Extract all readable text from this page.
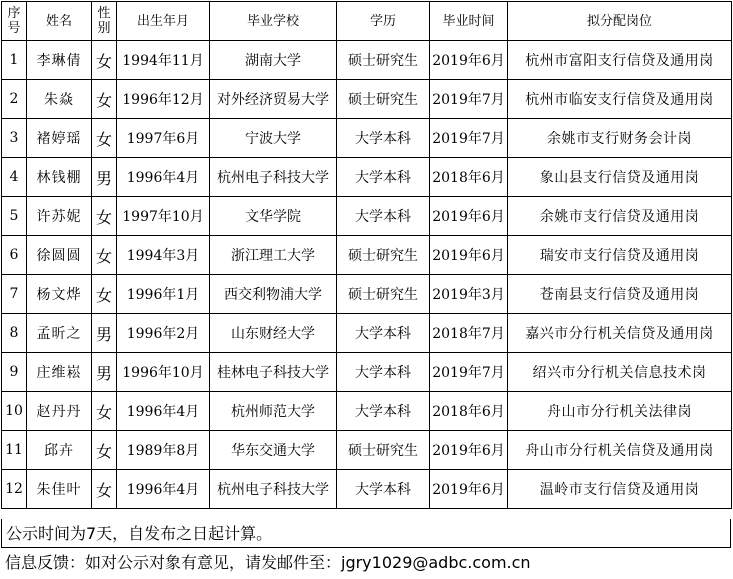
序号	姓名	性别	出生年月	毕业学校	学历	毕业时间	拟分配岗位
1	李琳倩	女	1994年11月	湖南大学	硕士研究生	2019年6月	杭州市富阳支行信贷及通用岗
2	朱焱	女	1996年12月	对外经济贸易大学	硕士研究生	2019年7月	杭州市临安支行信贷及通用岗
3	褚婷瑶	女	1997年6月	宁波大学	大学本科	2019年7月	余姚市支行财务会计岗
4	林钱棚	男	1996年4月	杭州电子科技大学	大学本科	2018年6月	象山县支行信贷及通用岗
5	许苏妮	女	1997年10月	文华学院	大学本科	2019年6月	余姚市支行信贷及通用岗
6	徐圆圆	女	1994年3月	浙江理工大学	硕士研究生	2019年6月	瑞安市支行信贷及通用岗
7	杨文烨	女	1996年1月	西交利物浦大学	硕士研究生	2019年3月	苍南县支行信贷及通用岗
8	孟昕之	男	1996年2月	山东财经大学	大学本科	2018年7月	嘉兴市分行机关信贷及通用岗
9	庄维崧	男	1996年10月	桂林电子科技大学	大学本科	2019年7月	绍兴市分行机关信息技术岗
10	赵丹丹	女	1996年4月	杭州师范大学	大学本科	2018年6月	舟山市分行机关法律岗
11	邱卉	女	1989年8月	华东交通大学	硕士研究生	2019年6月	舟山市分行机关信贷及通用岗
12	朱佳叶	女	1996年4月	杭州电子科技大学	大学本科	2019年6月	温岭市支行信贷及通用岗
公示时间为7天，自发布之日起计算。
信息反馈：如对公示对象有意见，请发邮件至：jgry1029@adbc.com.cn
